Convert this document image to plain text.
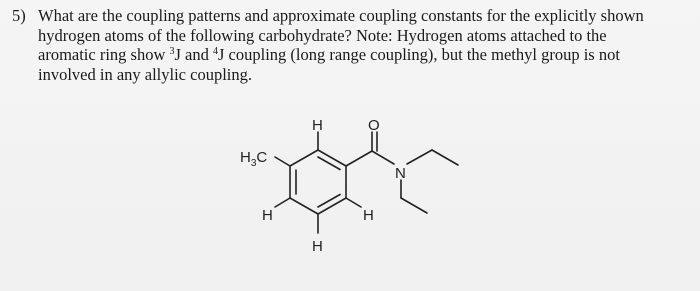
5) What are the coupling patterns and approximate coupling constants for the explicitly shown
hydrogen atoms of the following carbohydrate? Note: Hydrogen atoms attached to the
aromatic ring show $^3$J and $^4$J coupling (long range coupling), but the methyl group is not
involved in any allylic coupling.
H	O
$H_3C$
N
H	H
H
